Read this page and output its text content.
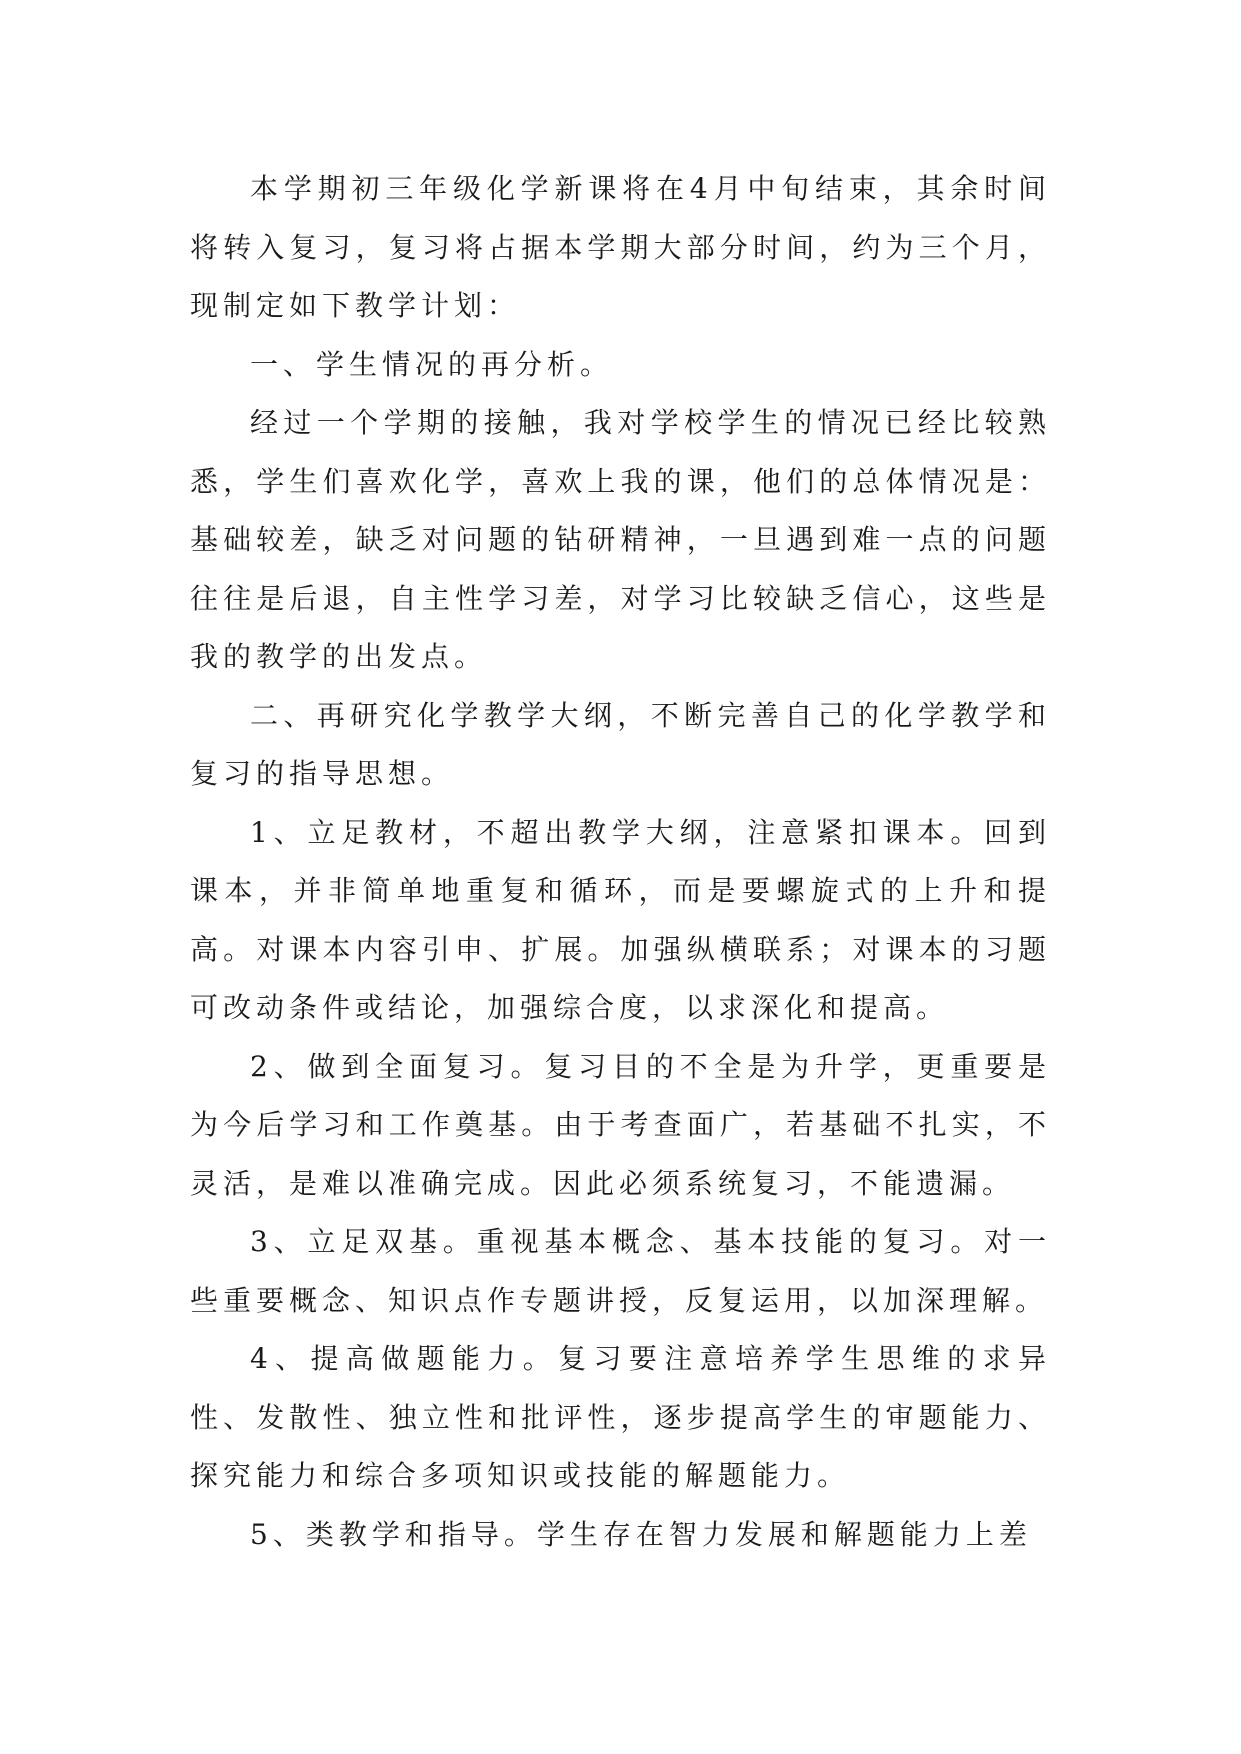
本学期初三年级化学新课将在4月中旬结束，其余时间将转入复习，复习将占据本学期大部分时间，约为三个月，现制定如下教学计划：

一、学生情况的再分析。

经过一个学期的接触，我对学校学生的情况已经比较熟悉，学生们喜欢化学，喜欢上我的课，他们的总体情况是：基础较差，缺乏对问题的钻研精神，一旦遇到难一点的问题往往是后退，自主性学习差，对学习比较缺乏信心，这些是我的教学的出发点。

二、再研究化学教学大纲，不断完善自己的化学教学和复习的指导思想。

1、立足教材，不超出教学大纲，注意紧扣课本。回到课本，并非简单地重复和循环，而是要螺旋式的上升和提高。对课本内容引申、扩展。加强纵横联系；对课本的习题可改动条件或结论，加强综合度，以求深化和提高。

2、做到全面复习。复习目的不全是为升学，更重要是为今后学习和工作奠基。由于考查面广，若基础不扎实，不灵活，是难以准确完成。因此必须系统复习，不能遗漏。

3、立足双基。重视基本概念、基本技能的复习。对一些重要概念、知识点作专题讲授，反复运用，以加深理解。

4、提高做题能力。复习要注意培养学生思维的求异性、发散性、独立性和批评性，逐步提高学生的审题能力、探究能力和综合多项知识或技能的解题能力。

5、类教学和指导。学生存在智力发展和解题能力上差
